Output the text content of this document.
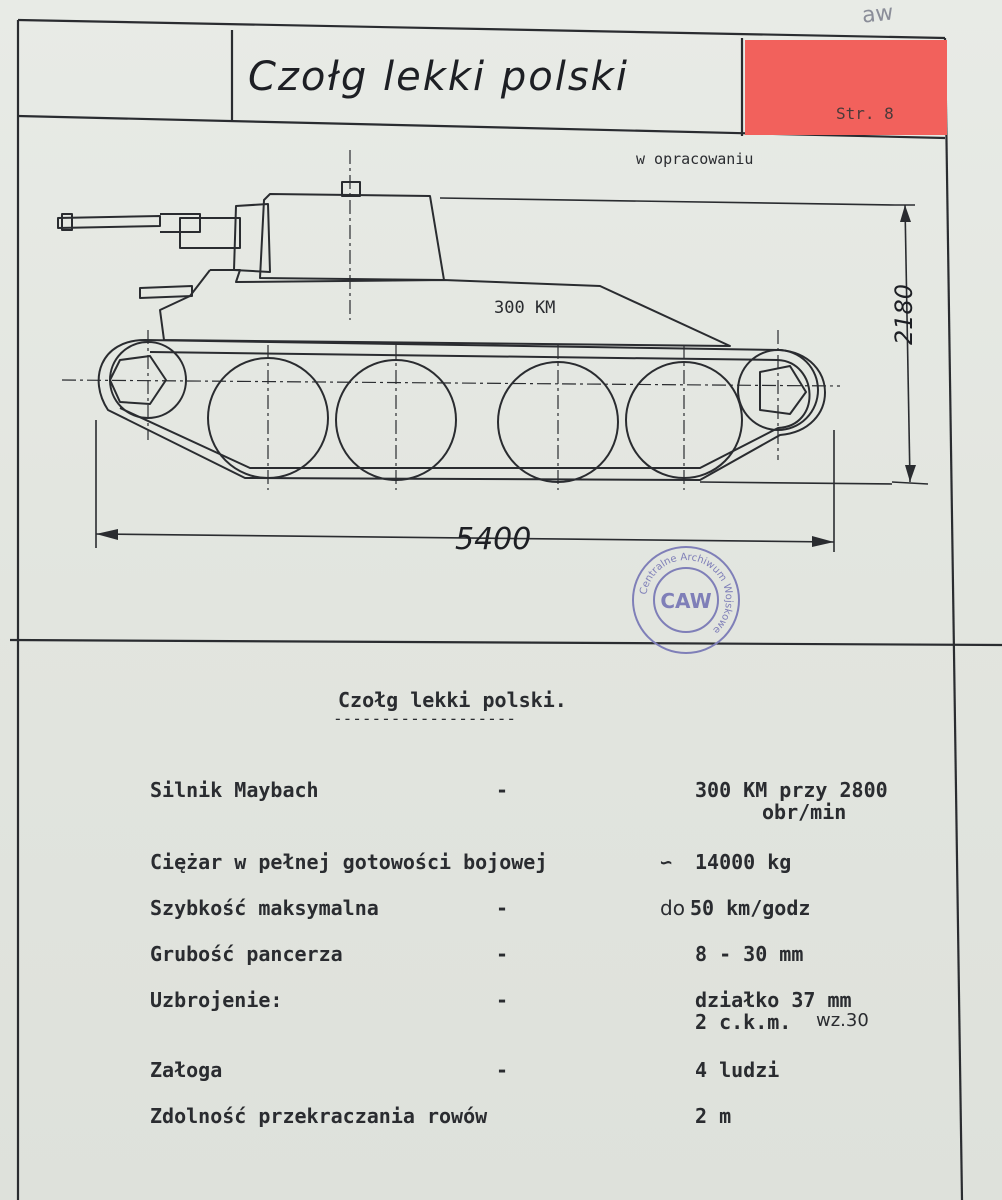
aw
Czołg lekki polski
Str. 8
w opracowaniu
300 KM
5400
2180
Centralne Archiwum Wojskowe
CAW
Czołg lekki polski.
-------------------
Silnik Maybach	-	300 KM przy 2800
obr/min
Ciężar w pełnej gotowości bojowej	∽ 14000 kg
Szybkość maksymalna	-	do 50 km/godz
Grubość pancerza	-	8 - 30 mm
Uzbrojenie:	-	działko 37 mm
2 c.k.m. wz.30
Załoga	-	4 ludzi
Zdolność przekraczania rowów	2 m
